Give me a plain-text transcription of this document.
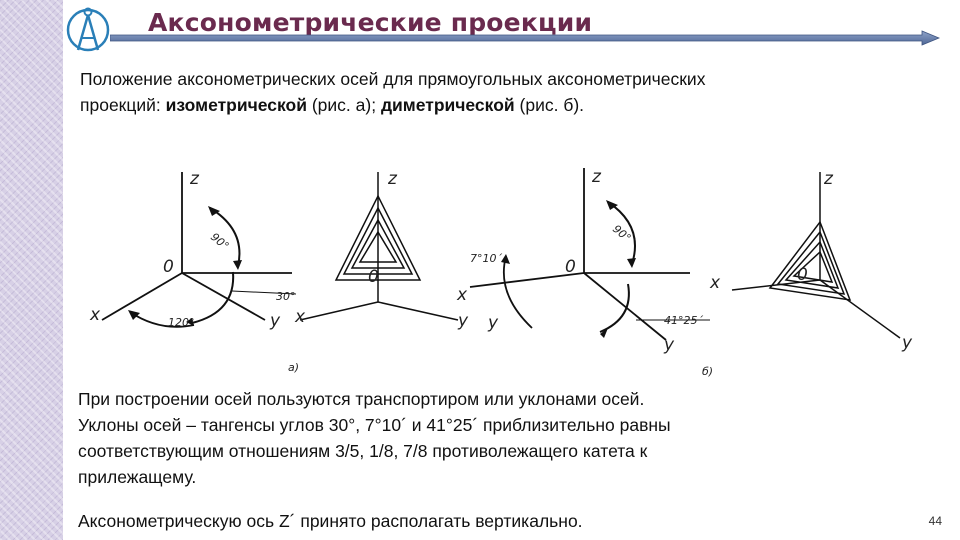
Аксонометрические проекции
Положение аксонометрических осей для прямоугольных аксонометрических
проекций: изометрической (рис. а); диметрической (рис. б).
z
0
x	y
90°
120°
30°
z
0
x	y
z
0
x
y
y
7°10´
90°
41°25´
z
0
x
y
а)	б)
При построении осей пользуются транспортиром или уклонами осей.
Уклоны осей – тангенсы углов 30°, 7°10´ и 41°25´ приблизительно равны
соответствующим отношениям 3/5, 1/8, 7/8 противолежащего катета к
прилежащему.
Аксонометрическую ось Z´ принято располагать вертикально.	44
